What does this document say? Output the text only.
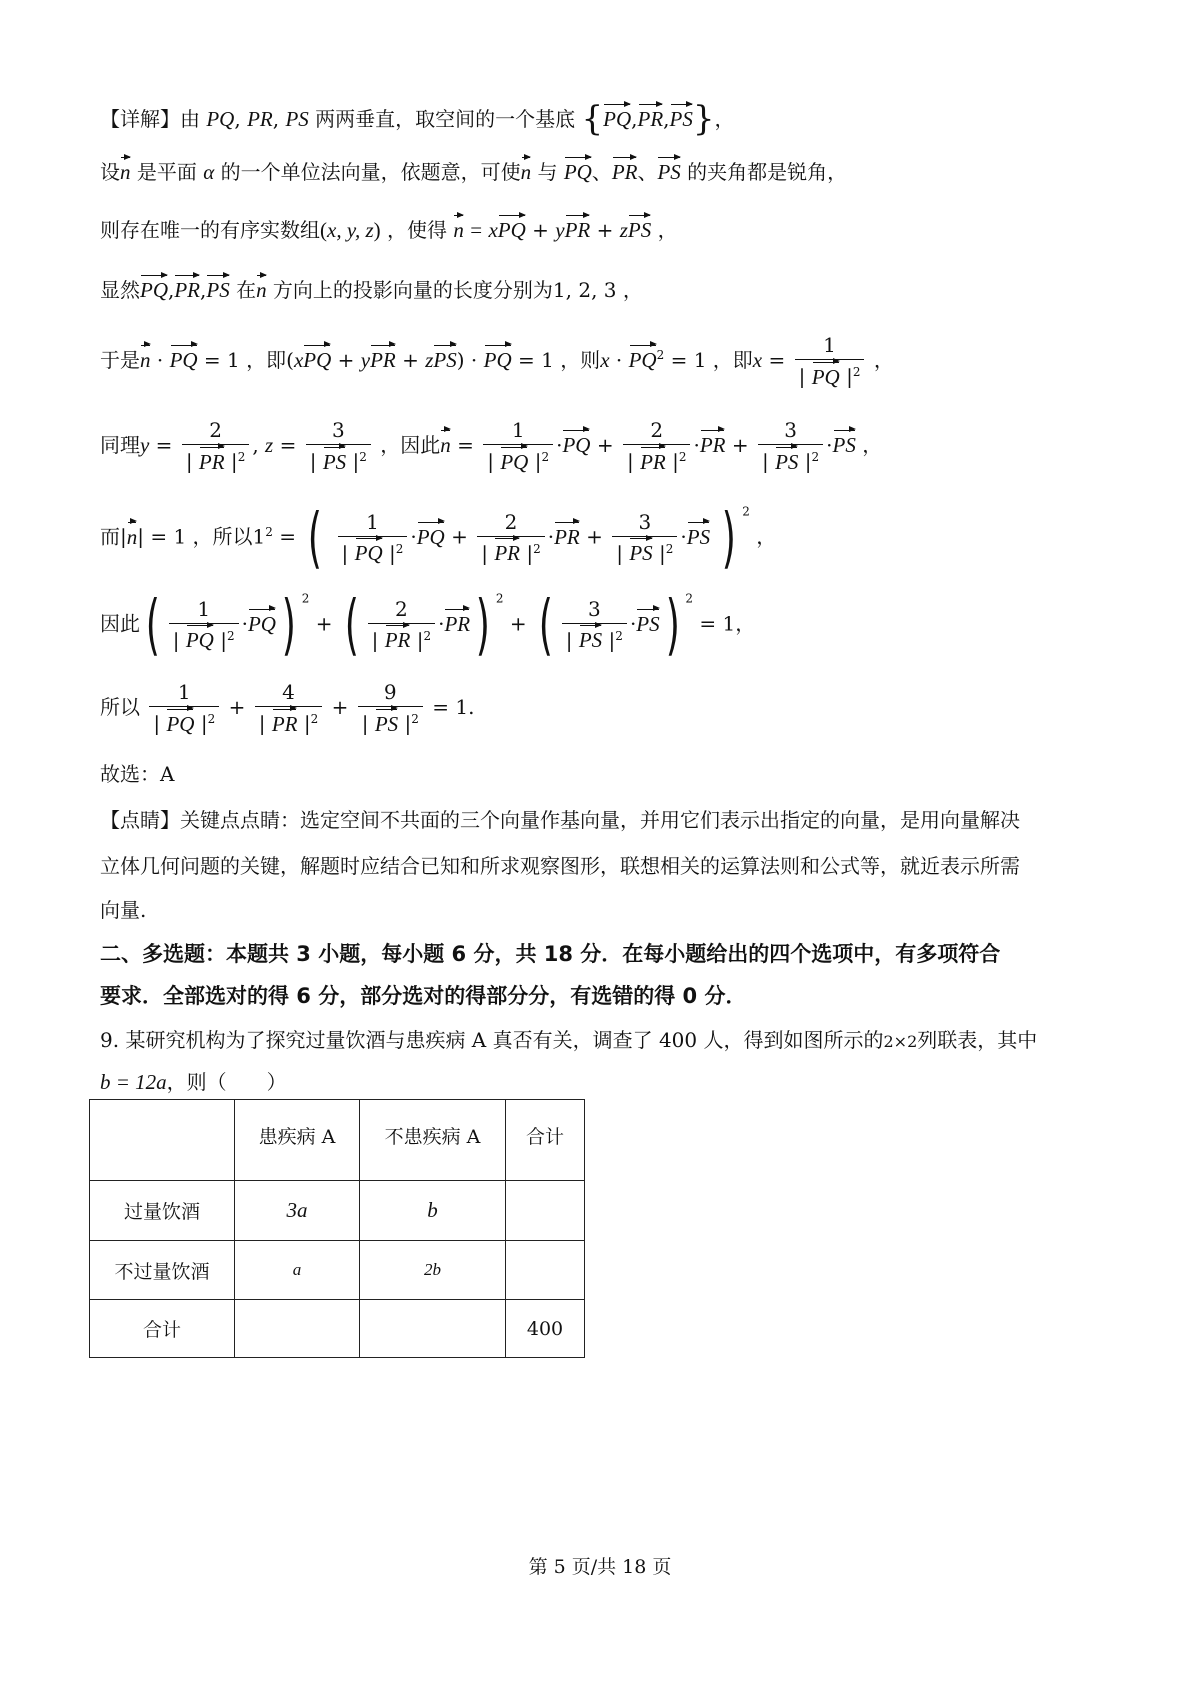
【详解】由 PQ, PR, PS 两两垂直，取空间的一个基底 {PQ,PR,PS}，
设n 是平面 α 的一个单位法向量，依题意，可使n 与 PQ、PR、PS 的夹角都是锐角，
则存在唯一的有序实数组(x, y, z) ，使得 n = xPQ + yPR + zPS ，
显然PQ,PR,PS 在n 方向上的投影向量的长度分别为1, 2, 3 ，
于是n · PQ = 1 ，即(xPQ + yPR + zPS) · PQ = 1 ，则$x \cdot PQ^2 = 1$ ，即$x = \frac{1}{| PQ |^2}$ ，
同理$y = \frac{2}{| PR |^2}$ , $z = \frac{3}{| PS |^2}$ ，因此$n = \frac{1}{| PQ |^2} \cdot PQ + \frac{2}{| PR |^2} \cdot PR + \frac{3}{| PS |^2} \cdot PS$ ，
而|n| = 1 ，所以$1^2$ = ( $\frac{1}{| PQ |^2} \cdot PQ + \frac{2}{| PR |^2} \cdot PR + \frac{3}{| PS |^2} \cdot PS$ ) $^2$ ，
因此( $\frac{1}{| PQ |^2} \cdot PQ$) $^2$ + ( $\frac{2}{| PR |^2} \cdot PR$) $^2$ + ( $\frac{3}{| PS |^2} \cdot PS$) $^2$ = 1，
所以 $\frac{1}{| PQ |^2} + \frac{4}{| PR |^2} + \frac{9}{| PS |^2} = 1$.
故选：A
【点睛】关键点点睛：选定空间不共面的三个向量作基向量，并用它们表示出指定的向量，是用向量解决
立体几何问题的关键，解题时应结合已知和所求观察图形，联想相关的运算法则和公式等，就近表示所需
向量.
二、多选题：本题共 3 小题，每小题 6 分，共 18 分．在每小题给出的四个选项中，有多项符合
要求．全部选对的得 6 分，部分选对的得部分分，有选错的得 0 分．
9. 某研究机构为了探究过量饮酒与患疾病 A 真否有关，调查了 400 人，得到如图所示的2×2列联表，其中
b = 12a，则（　　）
	患疾病 A	不患疾病 A	合计
过量饮酒	3a	b	
不过量饮酒	a	2b	
合计			400
第 5 页/共 18 页
